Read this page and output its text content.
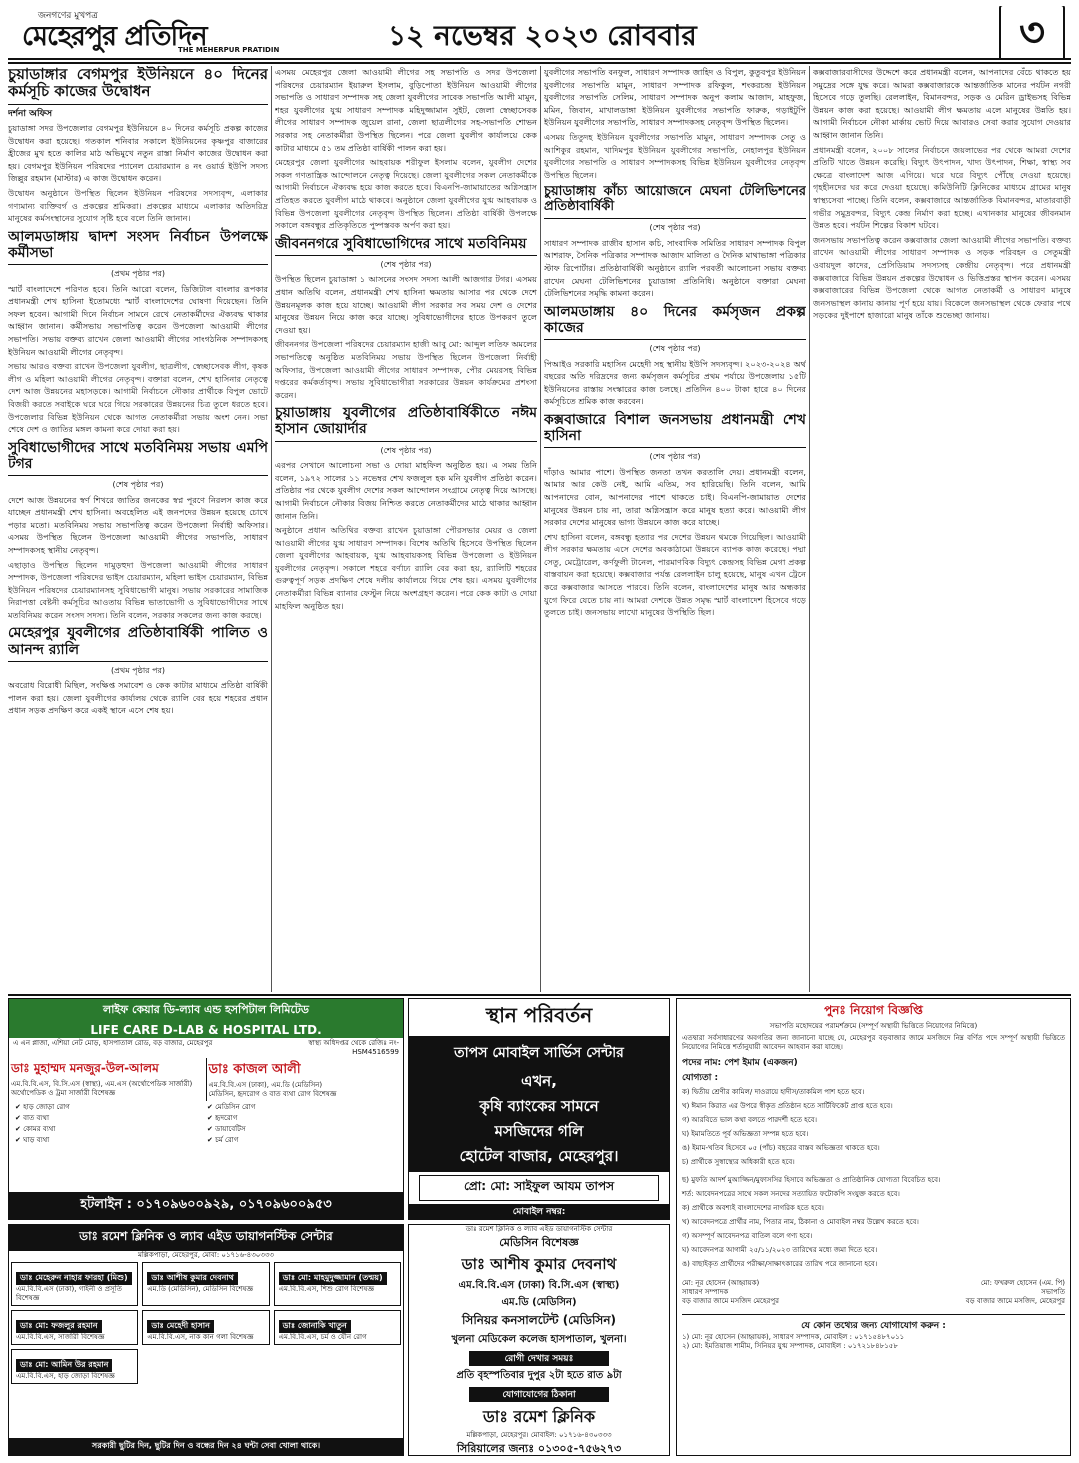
জনগণের মুখপত্র
মেহেরপুর প্রতিদিন
THE MEHERPUR PRATIDIN	১২ নভেম্বর ২০২৩ রোববার	৩
চুয়াডাঙ্গার বেগমপুর ইউনিয়নে ৪০ দিনের কর্মসূচি কাজের উদ্বোধন
দর্শনা অফিস

চুয়াডাঙ্গা সদর উপজেলার বেগমপুর ইউনিয়নে ৪০ দিনের কর্মসূচি প্রকল্প কাজের উদ্বোধন করা হয়েছে। গতকাল শনিবার সকালে ইউনিয়নের কৃষ্ণপুর বাজারের হ্রীজের মুখ হতে কালির মাঠ অভিমুখে নতুন রাস্তা নির্মাণ কাজের উদ্বোধন করা হয়। বেগমপুর ইউনিয়ন পরিষদের প্যানেল চেয়ারম্যান ৪ নং ওয়ার্ড ইউপি সদস্য জিল্লুর রহমান (মাস্টার) এ কাজ উদ্বোধন করেন।

উদ্বোধন অনুষ্ঠানে উপস্থিত ছিলেন ইউনিয়ন পরিষদের সদস্যবৃন্দ, এলাকার গণ্যমান্য ব্যক্তিবর্গ ও প্রকল্পের শ্রমিকরা। প্রকল্পের মাধ্যমে এলাকার অতিদরিদ্র মানুষের কর্মসংস্থানের সুযোগ সৃষ্টি হবে বলে তিনি জানান।

আলমডাঙ্গায় দ্বাদশ সংসদ নির্বাচন উপলক্ষে কর্মীসভা
(প্রথম পৃষ্ঠার পর)

স্মার্ট বাংলাদেশে পরিণত হবে। তিনি আরো বলেন, ডিজিটাল বাংলার রূপকার প্রধানমন্ত্রী শেখ হাসিনা ইতোমধ্যে স্মার্ট বাংলাদেশের ঘোষণা দিয়েছেন। তিনি সফল হবেন। আগামী দিনে নির্বাচন সামনে রেখে নেতাকর্মীদের ঐক্যবদ্ধ থাকার আহ্বান জানান। কর্মীসভায় সভাপতিত্ব করেন উপজেলা আওয়ামী লীগের সভাপতি। সভায় বক্তব্য রাখেন জেলা আওয়ামী লীগের সাংগঠনিক সম্পাদকসহ ইউনিয়ন আওয়ামী লীগের নেতৃবৃন্দ।

সভায় আরও বক্তব্য রাখেন উপজেলা যুবলীগ, ছাত্রলীগ, স্বেচ্ছাসেবক লীগ, কৃষক লীগ ও মহিলা আওয়ামী লীগের নেতৃবৃন্দ। বক্তারা বলেন, শেখ হাসিনার নেতৃত্বে দেশ আজ উন্নয়নের মহাসড়কে। আগামী নির্বাচনে নৌকার প্রার্থীকে বিপুল ভোটে বিজয়ী করতে সবাইকে ঘরে ঘরে গিয়ে সরকারের উন্নয়নের চিত্র তুলে ধরতে হবে। উপজেলার বিভিন্ন ইউনিয়ন থেকে আগত নেতাকর্মীরা সভায় অংশ নেন। সভা শেষে দেশ ও জাতির মঙ্গল কামনা করে দোয়া করা হয়।

সুবিধাভোগীদের সাথে মতবিনিময় সভায় এমপি টগর
(শেষ পৃষ্ঠার পর)

দেশে আজ উন্নয়নের স্বর্ণ শিখরে জাতির জনকের স্বপ্ন পূরণে নিরলস কাজ করে যাচ্ছেন প্রধানমন্ত্রী শেখ হাসিনা। অবহেলিত এই জনপদের উন্নয়ন হয়েছে চোখে পড়ার মতো। মতবিনিময় সভায় সভাপতিত্ব করেন উপজেলা নির্বাহী অফিসার। এসময় উপস্থিত ছিলেন উপজেলা আওয়ামী লীগের সভাপতি, সাধারণ সম্পাদকসহ স্থানীয় নেতৃবৃন্দ।

এছাড়াও উপস্থিত ছিলেন দামুড়হুদা উপজেলা আওয়ামী লীগের সাধারণ সম্পাদক, উপজেলা পরিষদের ভাইস চেয়ারম্যান, মহিলা ভাইস চেয়ারম্যান, বিভিন্ন ইউনিয়ন পরিষদের চেয়ারম্যানসহ সুবিধাভোগী মানুষ। সভায় সরকারের সামাজিক নিরাপত্তা বেষ্টনী কর্মসূচির আওতায় বিভিন্ন ভাতাভোগী ও সুবিধাভোগীদের সাথে মতবিনিময় করেন সংসদ সদস্য। তিনি বলেন, সরকার সকলের জন্য কাজ করছে।

মেহেরপুর যুবলীগের প্রতিষ্ঠাবার্ষিকী পালিত ও আনন্দ র‍্যালি
(প্রথম পৃষ্ঠার পর)

অবরোধ বিরোধী মিছিল, সংক্ষিপ্ত সমাবেশ ও কেক কাটার মাধ্যমে প্রতিষ্ঠা বার্ষিকী পালন করা হয়। জেলা যুবলীগের কার্যালয় থেকে র‍্যালি বের হয়ে শহরের প্রধান প্রধান সড়ক প্রদক্ষিণ করে একই স্থানে এসে শেষ হয়।

এসময় মেহেরপুর জেলা আওয়ামী লীগের সহ সভাপতি ও সদর উপজেলা পরিষদের চেয়ারম্যান ইয়ারুল ইসলাম, বুড়িপোতা ইউনিয়ন আওয়ামী লীগের সভাপতি ও সাধারণ সম্পাদক সহ জেলা যুবলীগের সাবেক সভাপতি আলী মামুন, শহর যুবলীগের যুগ্ম সাধারণ সম্পাদক মহিদুজ্জামান সুইট, জেলা স্বেচ্ছাসেবক লীগের সাধারণ সম্পাদক জুয়েল রানা, জেলা ছাত্রলীগের সহ-সভাপতি শোভন সরকার সহ নেতাকর্মীরা উপস্থিত ছিলেন। পরে জেলা যুবলীগ কার্যালয়ে কেক কাটার মাধ্যমে ৫১ তম প্রতিষ্ঠা বার্ষিকী পালন করা হয়।

মেহেরপুর জেলা যুবলীগের আহবায়ক শরীফুল ইসলাম বলেন, যুবলীগ দেশের সকল গণতান্ত্রিক আন্দোলনে নেতৃত্ব দিয়েছে। জেলা যুবলীগের সকল নেতাকর্মীকে আগামী নির্বাচনে ঐক্যবদ্ধ হয়ে কাজ করতে হবে। বিএনপি-জামায়াতের অগ্নিসন্ত্রাস প্রতিহত করতে যুবলীগ মাঠে থাকবে। অনুষ্ঠানে জেলা যুবলীগের যুগ্ম আহবায়ক ও বিভিন্ন উপজেলা যুবলীগের নেতৃবৃন্দ উপস্থিত ছিলেন। প্রতিষ্ঠা বার্ষিকী উপলক্ষে সকালে বঙ্গবন্ধুর প্রতিকৃতিতে পুষ্পস্তবক অর্পণ করা হয়।

জীবননগরে সুবিধাভোগিদের সাথে মতবিনিময়
(শেষ পৃষ্ঠার পর)

উপস্থিত ছিলেন চুয়াডাঙ্গা ১ আসনের সংসদ সদস্য আলী আজগার টগর। এসময় প্রধান অতিথি বলেন, প্রধানমন্ত্রী শেখ হাসিনা ক্ষমতায় আসার পর থেকে দেশে উন্নয়নমূলক কাজ হয়ে যাচ্ছে। আওয়ামী লীগ সরকার সব সময় দেশ ও দেশের মানুষের উন্নয়ন নিয়ে কাজ করে যাচ্ছে। সুবিধাভোগীদের হাতে উপকরণ তুলে দেওয়া হয়।

জীবননগর উপজেলা পরিষদের চেয়ারম্যান হাজী আবু মো: আব্দুল লতিফ অমলের সভাপতিত্বে অনুষ্ঠিত মতবিনিময় সভায় উপস্থিত ছিলেন উপজেলা নির্বাহী অফিসার, উপজেলা আওয়ামী লীগের সাধারণ সম্পাদক, পৌর মেয়রসহ বিভিন্ন দপ্তরের কর্মকর্তাবৃন্দ। সভায় সুবিধাভোগীরা সরকারের উন্নয়ন কার্যক্রমের প্রশংসা করেন।

চুয়াডাঙ্গায় যুবলীগের প্রতিষ্ঠাবার্ষিকীতে নঈম হাসান জোয়ার্দার
(শেষ পৃষ্ঠার পর)

এরপর সেখানে আলোচনা সভা ও দোয়া মাহফিল অনুষ্ঠিত হয়। এ সময় তিনি বলেন, ১৯৭২ সালের ১১ নভেম্বর শেখ ফজলুল হক মনি যুবলীগ প্রতিষ্ঠা করেন। প্রতিষ্ঠার পর থেকে যুবলীগ দেশের সকল আন্দোলন সংগ্রামে নেতৃত্ব দিয়ে আসছে। আগামী নির্বাচনে নৌকার বিজয় নিশ্চিত করতে নেতাকর্মীদের মাঠে থাকার আহ্বান জানান তিনি।

অনুষ্ঠানে প্রধান অতিথির বক্তব্য রাখেন চুয়াডাঙ্গা পৌরসভার মেয়র ও জেলা আওয়ামী লীগের যুগ্ম সাধারণ সম্পাদক। বিশেষ অতিথি হিসেবে উপস্থিত ছিলেন জেলা যুবলীগের আহবায়ক, যুগ্ম আহবায়কসহ বিভিন্ন উপজেলা ও ইউনিয়ন যুবলীগের নেতৃবৃন্দ। সকালে শহরে বর্ণাঢ্য র‍্যালি বের করা হয়, র‍্যালিটি শহরের গুরুত্বপূর্ণ সড়ক প্রদক্ষিণ শেষে দলীয় কার্যালয়ে গিয়ে শেষ হয়। এসময় যুবলীগের নেতাকর্মীরা বিভিন্ন ব্যানার ফেস্টুন নিয়ে অংশগ্রহণ করেন। পরে কেক কাটা ও দোয়া মাহফিল অনুষ্ঠিত হয়।

যুবলীগের সভাপতি বনফুল, সাধারণ সম্পাদক জাহিদ ও বিপুল, কুতুবপুর ইউনিয়ন যুবলীগের সভাপতি মামুন, সাধারণ সম্পাদক রফিকুল, শংকরচন্দ্র ইউনিয়ন যুবলীগের সভাপতি সেলিম, সাধারণ সম্পাদক অনুপ কলাম আজাদ, মাহফুজ, মমিন, জিবান, মাখালডাঙ্গা ইউনিয়ন যুবলীগের সভাপতি ফারুক, গড়াইটুপি ইউনিয়ন যুবলীগের সভাপতি, সাধারণ সম্পাদকসহ নেতৃবৃন্দ উপস্থিত ছিলেন।

এসময় তিতুদহ ইউনিয়ন যুবলীগের সভাপতি মামুন, সাধারণ সম্পাদক সেতু ও আশিকুর রহমান, খাদিমপুর ইউনিয়ন যুবলীগের সভাপতি, নেহালপুর ইউনিয়ন যুবলীগের সভাপতি ও সাধারণ সম্পাদকসহ বিভিন্ন ইউনিয়ন যুবলীগের নেতৃবৃন্দ উপস্থিত ছিলেন।

চুয়াডাঙ্গায় কাঁচ্য আয়োজনে মেঘনা টেলিভিশনের প্রতিষ্ঠাবার্ষিকী
(শেষ পৃষ্ঠার পর)

সাধারণ সম্পাদক রাজীব হাসান কচি, সাংবাদিক সমিতির সাধারণ সম্পাদক বিপুল আশরাফ, সৈনিক পত্রিকার সম্পাদক আজাদ মালিতা ও দৈনিক মাথাভাঙ্গা পত্রিকার স্টাফ রিপোর্টার। প্রতিষ্ঠাবার্ষিকী অনুষ্ঠানে র‍্যালি পরবর্তী আলোচনা সভায় বক্তব্য রাখেন মেঘনা টেলিভিশনের চুয়াডাঙ্গা প্রতিনিধি। অনুষ্ঠানে বক্তারা মেঘনা টেলিভিশনের সমৃদ্ধি কামনা করেন।

আলমডাঙ্গায় ৪০ দিনের কর্মসৃজন প্রকল্প কাজের
(শেষ পৃষ্ঠার পর)

পিআইও সরকারি মহাসিন মেহেদী সহ স্থানীয় ইউপি সদস্যবৃন্দ। ২০২৩-২০২৪ অর্থ বছরের অতি দরিদ্রদের জন্য কর্মসৃজন কর্মসূচির প্রথম পর্যায়ে উপজেলায় ১৫টি ইউনিয়নের রাস্তায় সংস্কারের কাজ চলছে। প্রতিদিন ৪০০ টাকা হারে ৪০ দিনের কর্মসূচিতে শ্রমিক কাজ করবেন।

কক্সবাজারে বিশাল জনসভায় প্রধানমন্ত্রী শেখ হাসিনা
(শেষ পৃষ্ঠার পর)

দাঁড়াও আমার পাশে। উপস্থিত জনতা তখন করতালি দেয়। প্রধানমন্ত্রী বলেন, আমার আর কেউ নেই, আমি এতিম, সব হারিয়েছি। তিনি বলেন, আমি আপনাদের বোন, আপনাদের পাশে থাকতে চাই। বিএনপি-জামায়াত দেশের মানুষের উন্নয়ন চায় না, তারা অগ্নিসন্ত্রাস করে মানুষ হত্যা করে। আওয়ামী লীগ সরকার দেশের মানুষের ভাগ্য উন্নয়নে কাজ করে যাচ্ছে।

শেখ হাসিনা বলেন, বঙ্গবন্ধু হত্যার পর দেশের উন্নয়ন থমকে গিয়েছিল। আওয়ামী লীগ সরকার ক্ষমতায় এসে দেশের অবকাঠামো উন্নয়নে ব্যাপক কাজ করেছে। পদ্মা সেতু, মেট্রোরেল, কর্ণফুলী টানেল, পারমাণবিক বিদ্যুৎ কেন্দ্রসহ বিভিন্ন মেগা প্রকল্প বাস্তবায়ন করা হয়েছে। কক্সবাজার পর্যন্ত রেললাইন চালু হয়েছে, মানুষ এখন ট্রেনে করে কক্সবাজার আসতে পারবে। তিনি বলেন, বাংলাদেশের মানুষ আর অন্ধকার যুগে ফিরে যেতে চায় না। আমরা দেশকে উন্নত সমৃদ্ধ স্মার্ট বাংলাদেশ হিসেবে গড়ে তুলতে চাই। জনসভায় লাখো মানুষের উপস্থিতি ছিল।

কক্সবাজারবাসীদের উদ্দেশে করে প্রধানমন্ত্রী বলেন, আপনাদের বেঁচে থাকতে হয় সমুদ্রের সঙ্গে যুদ্ধ করে। আমরা কক্সবাজারকে আন্তর্জাতিক মানের পর্যটন নগরী হিসেবে গড়ে তুলছি। রেললাইন, বিমানবন্দর, সড়ক ও মেরিন ড্রাইভসহ বিভিন্ন উন্নয়ন কাজ করা হয়েছে। আওয়ামী লীগ ক্ষমতায় এলে মানুষের উন্নতি হয়। আগামী নির্বাচনে নৌকা মার্কায় ভোট দিয়ে আবারও সেবা করার সুযোগ দেওয়ার আহ্বান জানান তিনি।

প্রধানমন্ত্রী বলেন, ২০০৮ সালের নির্বাচনে জয়লাভের পর থেকে আমরা দেশের প্রতিটি খাতে উন্নয়ন করেছি। বিদ্যুৎ উৎপাদন, খাদ্য উৎপাদন, শিক্ষা, স্বাস্থ্য সব ক্ষেত্রে বাংলাদেশ আজ এগিয়ে। ঘরে ঘরে বিদ্যুৎ পৌঁছে দেওয়া হয়েছে। গৃহহীনদের ঘর করে দেওয়া হয়েছে। কমিউনিটি ক্লিনিকের মাধ্যমে গ্রামের মানুষ স্বাস্থ্যসেবা পাচ্ছে। তিনি বলেন, কক্সবাজারে আন্তর্জাতিক বিমানবন্দর, মাতারবাড়ী গভীর সমুদ্রবন্দর, বিদ্যুৎ কেন্দ্র নির্মাণ করা হচ্ছে। এখানকার মানুষের জীবনমান উন্নত হবে। পর্যটন শিল্পের বিকাশ ঘটবে।

জনসভায় সভাপতিত্ব করেন কক্সবাজার জেলা আওয়ামী লীগের সভাপতি। বক্তব্য রাখেন আওয়ামী লীগের সাধারণ সম্পাদক ও সড়ক পরিবহন ও সেতুমন্ত্রী ওবায়দুল কাদের, প্রেসিডিয়াম সদস্যসহ কেন্দ্রীয় নেতৃবৃন্দ। পরে প্রধানমন্ত্রী কক্সবাজারে বিভিন্ন উন্নয়ন প্রকল্পের উদ্বোধন ও ভিত্তিপ্রস্তর স্থাপন করেন। এসময় কক্সবাজারের বিভিন্ন উপজেলা থেকে আগত নেতাকর্মী ও সাধারণ মানুষে জনসভাস্থল কানায় কানায় পূর্ণ হয়ে যায়। বিকেলে জনসভাস্থল থেকে ফেরার পথে সড়কের দুইপাশে হাজারো মানুষ তাঁকে শুভেচ্ছা জানায়।

লাইফ কেয়ার ডি-ল্যাব এন্ড হসপিটাল লিমিটেড
LIFE CARE D-LAB & HOSPITAL LTD.
এ এন প্লাজা, এশিয়া নেট মোড়, হাসপাতাল রোড, বড় বাজার, মেহেরপুর	স্বাস্থ্য অধিদপ্তর থেকে রেজিঃ নং- HSM4516599
ডাঃ মুহাম্মদ মনজুর-উল-আলম
এম.বি.বি.এস, বি.সি.এস (স্বাস্থ্য), এম.এস (অর্থোপেডিক সার্জারী)
অর্থোপেডিক ও ট্রমা সার্জারী বিশেষজ্ঞ
ডাঃ কাজল আলী
এম.বি.বি.এস (ঢাকা), এম.ডি (মেডিসিন)
মেডিসিন, হৃদরোগ ও বাত ব্যথা রোগ বিশেষজ্ঞ
✔ হাড় জোড়া রোগ	✔ মেডিসিন রোগ
✔ বাত ব্যথা	✔ হৃদরোগ
✔ কোমর ব্যথা	✔ ডায়াবেটিস
✔ ঘাড় ব্যথা	✔ চর্ম রোগ
হটলাইন : ০১৭০৯৬০০৯২৯, ০১৭০৯৬০০৯৫৩
স্থান পরিবর্তন
তাপস মোবাইল সার্ভিস সেন্টার
এখন,
কৃষি ব্যাংকের সামনে
মসজিদের গলি
হোটেল বাজার, মেহেরপুর।
প্রো: মো: সাইফুল আযম তাপস
মোবাইল নম্বর:
পুনঃ নিয়োগ বিজ্ঞপ্তি
সভাপতি মহোদয়ের পরামর্শক্রমে (সম্পূর্ণ অস্থায়ী ভিত্তিতে নিয়োগের নিমিত্তে)
এতদ্বারা সর্বসাধারণের অবগতির জন্য জানানো যাচ্ছে যে, মেহেরপুর বড়বাজার জামে মসজিদে নিম্ন বর্ণিত পদে সম্পূর্ণ অস্থায়ী ভিত্তিতে নিয়োগের নিমিত্তে শর্তানুযায়ী আবেদন আহবান করা যাচ্ছে।
পদের নাম: পেশ ইমাম (একজন)
যোগ্যতা :
ক) দ্বিতীয় শ্রেণীর কামিল/ দাওরায়ে হাদীস/তাকমিল পাশ হতে হবে।
খ) ঈমান কিরাত এর উপরে স্বীকৃত প্রতিষ্ঠান হতে সার্টিফিকেট প্রাপ্ত হতে হবে।
গ) আরবিতে ভাল কথা বলতে পারদর্শী হতে হবে।
ঘ) ইমামতিতে পূর্ব অভিজ্ঞতা সম্পন্ন হতে হবে।
ঙ) ইমাম-খতিব হিসেবে ০৫ (পাঁচ) বছরের বাস্তব অভিজ্ঞতা থাকতে হবে।
চ) প্রার্থীকে সুস্বাস্থ্যের অধিকারী হতে হবে।
ছ) মুফতি আদর্শ মুআজ্জিন/মুফাসসির হিসাবে অভিজ্ঞতা ও প্রাতিষ্ঠানিক যোগ্যতা বিবেচিত হবে।
শর্ত: আবেদনপত্রের সাথে সকল সনদের সত্যায়িত ফটোকপি সংযুক্ত করতে হবে।
ক) প্রার্থীকে অবশ্যই বাংলাদেশের নাগরিক হতে হবে।
খ) আবেদনপত্রে প্রার্থীর নাম, পিতার নাম, ঠিকানা ও মোবাইল নম্বর উল্লেখ করতে হবে।
গ) অসম্পূর্ণ আবেদনপত্র বাতিল বলে গণ্য হবে।
ঘ) আবেদনপত্র আগামী ২৫/১১/২০২৩ তারিখের মধ্যে জমা দিতে হবে।
ঙ) বাছাইকৃত প্রার্থীদের পরীক্ষা/সাক্ষাৎকারের তারিখ পরে জানানো হবে।
মো: নূর হোসেন (আহ্বায়ক)
সাধারণ সম্পাদক
বড় বাজার জামে মসজিদ মেহেরপুর
মো: ফখরুল হোসেন (এম. পি)
সভাপতি
বড় বাজার জামে মসজিদ, মেহেরপুর
যে কোন তথ্যের জন্য যোগাযোগ করুন :
১) মো: নূর হোসেন (আহ্বায়ক), সাধারণ সম্পাদক, মোবাইল : ০১৭১৫৪৮৭০১১
২) মো: ইমতিয়াজ শামীম, সিনিয়র যুগ্ম সম্পাদক, মোবাইল : ০১৭২১৮৪৮১৫৮
ডাঃ রমেশ ক্লিনিক ও ল্যাব এইড ডায়াগনস্টিক সেন্টার
মল্লিকপাড়া, মেহেরপুর, মোবা: ০১৭১৬-৪৩০৩৩৩
ডাঃ মেহেরুন নাহার ফারহা (মিশু)
এম.বি.বি.এস (ঢাকা), গাইনী ও প্রসূতি বিশেষজ্ঞ
ডাঃ আশীষ কুমার দেবনাথ
এম.ডি (মেডিসিন), মেডিসিন বিশেষজ্ঞ
ডাঃ মো: মাহমুদুজ্জামান (তন্ময়)
এম.বি.বি.এস, শিশু রোগ বিশেষজ্ঞ
ডাঃ মো: ফজলুর রহমান
এম.বি.বি.এস, সার্জারী বিশেষজ্ঞ
ডাঃ মেহেদী হাসান
এম.বি.বি.এস, নাক কান গলা বিশেষজ্ঞ
ডাঃ জোনাকি খাতুন
এম.বি.বি.এস, চর্ম ও যৌন রোগ
ডাঃ মো: আমিন উর রহমান
এম.বি.বি.এস, হাড় জোড়া বিশেষজ্ঞ
সরকারী ছুটির দিন, ছুটির দিন ও বন্ধের দিন ২৪ ঘন্টা সেবা খোলা থাকে।
ডাঃ রমেশ ক্লিনিক ও ল্যাব এইড ডায়াগনস্টিক সেন্টার
মেডিসিন বিশেষজ্ঞ
ডাঃ আশীষ কুমার দেবনাথ
এম.বি.বি.এস (ঢাকা) বি.সি.এস (স্বাস্থ্য)
এম.ডি (মেডিসিন)
সিনিয়র কনসালটেন্ট (মেডিসিন)
খুলনা মেডিকেল কলেজ হাসপাতাল, খুলনা।
রোগী দেখার সময়ঃ
প্রতি বৃহস্পতিবার দুপুর ২টা হতে রাত ৯টা
যোগাযোগের ঠিকানা
ডাঃ রমেশ ক্লিনিক
মল্লিকপাড়া, মেহেরপুর। মোবাইল: ০১৭১৬-৪৩০৩৩৩
সিরিয়ালের জন্যঃ ০১৩০৫-৭৫৬২৭৩
